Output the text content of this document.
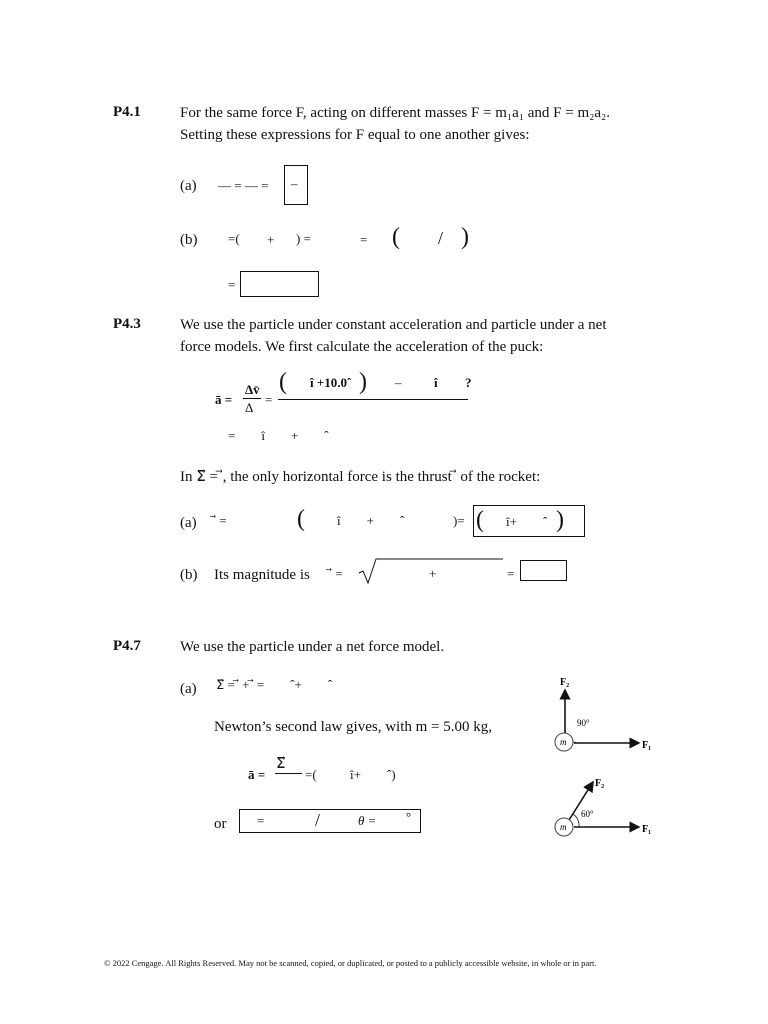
P4.1	For the same force F, acting on different masses F = m₁a₁ and F = m₂a₂.
Setting these expressions for F equal to one another gives:
(a) — = — = –
(b) =( + ) =	= ( / )
=
P4.3	We use the particle under constant acceleration and particle under a net
force models. We first calculate the acceleration of the puck:
ā =
Δv̄
Δ
=
( î +10.0ˆ ) –	î ?
=        î        +        ˆ
In Σ⃗ = ⃗, the only horizontal force is the thrust ⃗ of the rocket:
(a) ⃗ =	( î        +        ˆ	)= ( î+        ˆ )
(b) Its magnitude is ⃗ =	+	=
P4.7	We use the particle under a net force model.
(a) Σ⃗ = ⃗ + ⃗ =        ˆ+        ˆ
Newton’s second law gives, with m = 5.00 kg,
ā =
Σ⃗
=(	î+        ˆ)
or =	/	θ = °
m
F₂
F₁
90°
m
F₂
F₁
60°
© 2022 Cengage. All Rights Reserved. May not be scanned, copied, or duplicated, or posted to a publicly accessible website, in whole or in part.
